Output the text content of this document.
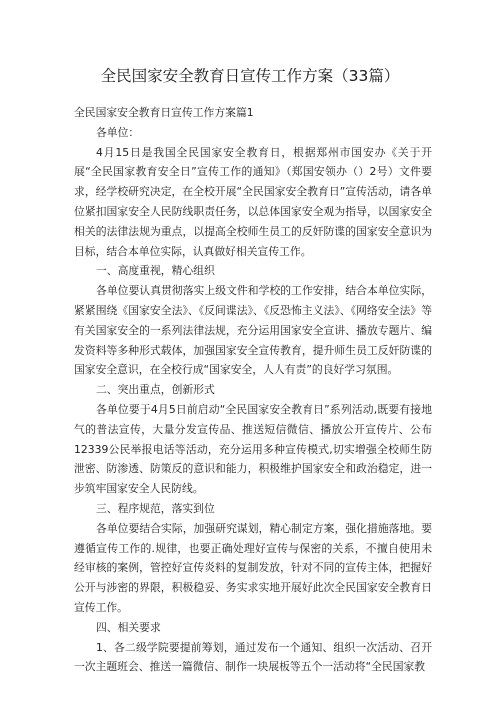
全民国家安全教育日宣传工作方案（33篇）

全民国家安全教育日宣传工作方案篇1

各单位：

4月15日是我国全民国家安全教育日，根据郑州市国安办《关于开展“全民国家教育安全日”宣传工作的通知》（郑国安领办（）2号）文件要求，经学校研究决定，在全校开展“全民国家安全教育日”宣传活动，请各单位紧扣国家安全人民防线职责任务，以总体国家安全观为指导，以国家安全相关的法律法规为重点，以提高全校师生员工的反奸防谍的国家安全意识为目标，结合本单位实际，认真做好相关宣传工作。

一、高度重视，精心组织

各单位要认真贯彻落实上级文件和学校的工作安排，结合本单位实际，紧紧围绕《国家安全法》、《反间谍法》、《反恐怖主义法》、《网络安全法》等有关国家安全的一系列法律法规，充分运用国家安全宣讲、播放专题片、编发资料等多种形式载体，加强国家安全宣传教育，提升师生员工反奸防谍的国家安全意识，在全校行成“国家安全，人人有责”的良好学习氛围。

二、突出重点，创新形式

各单位要于4月5日前启动“全民国家安全教育日”系列活动,既要有接地气的普法宣传，大量分发宣传品、推送短信微信、播放公开宣传片、公布12339公民举报电话等活动，充分运用多种宣传模式,切实增强全校师生防泄密、防渗透、防策反的意识和能力，积极维护国家安全和政治稳定，进一步筑牢国家安全人民防线。

三、程序规范，落实到位

各单位要结合实际，加强研究谋划，精心制定方案，强化措施落地。要遵循宣传工作的.规律，也要正确处理好宣传与保密的关系，不擅自使用未经审核的案例，管控好宣传炎料的复制发放，针对不同的宣传主体，把握好公开与涉密的界限，积极稳妥、务实求实地开展好此次全民国家安全教育日宣传工作。

四、相关要求

1、各二级学院要提前筹划，通过发布一个通知、组织一次活动、召开一次主题班会、推送一篇微信、制作一块展板等五个一活动将“全民国家教
